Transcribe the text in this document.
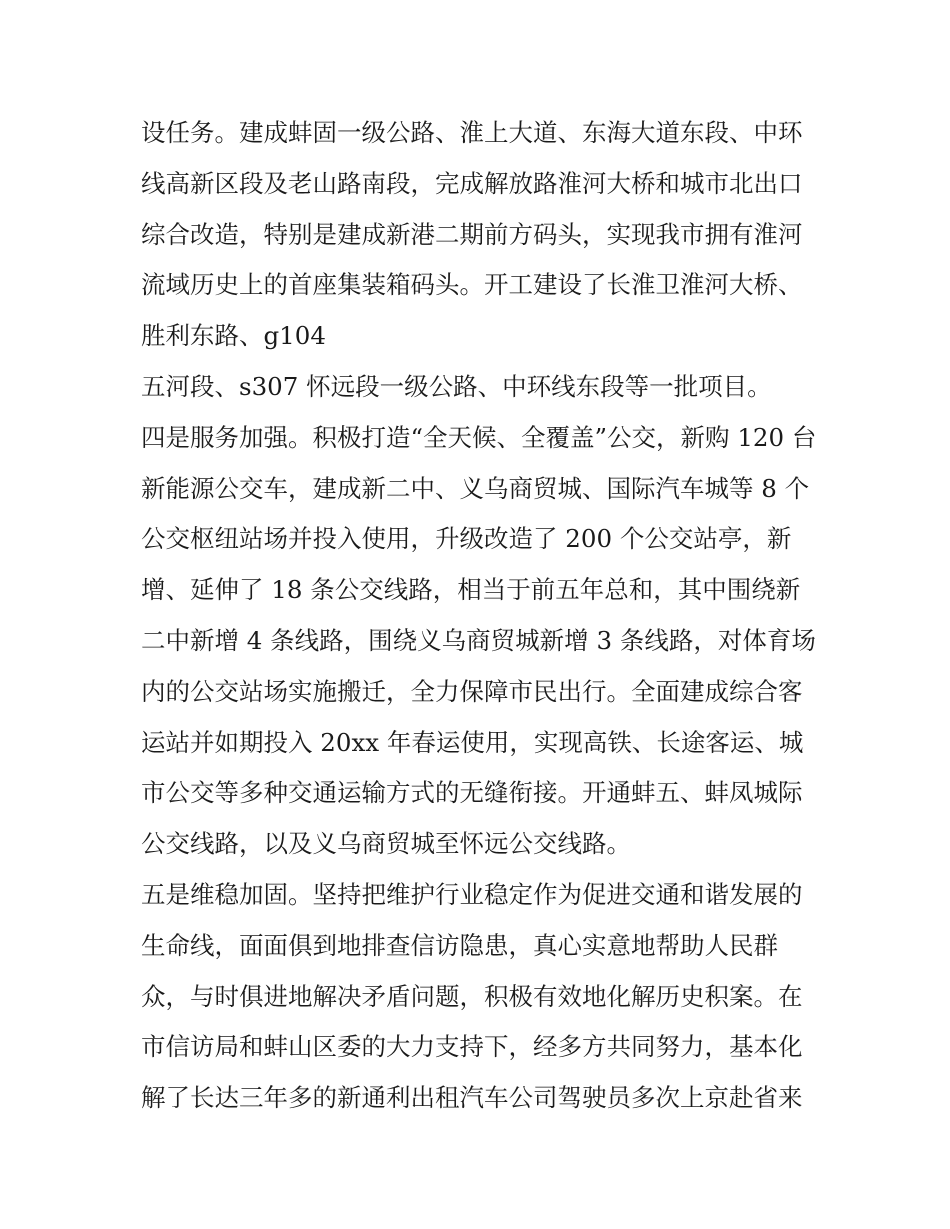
设任务。建成蚌固一级公路、淮上大道、东海大道东段、中环
线高新区段及老山路南段，完成解放路淮河大桥和城市北出口
综合改造，特别是建成新港二期前方码头，实现我市拥有淮河
流域历史上的首座集装箱码头。开工建设了长淮卫淮河大桥、
胜利东路、g104
五河段、s307 怀远段一级公路、中环线东段等一批项目。
四是服务加强。积极打造“全天候、全覆盖”公交，新购 120 台
新能源公交车，建成新二中、义乌商贸城、国际汽车城等 8 个
公交枢纽站场并投入使用，升级改造了 200 个公交站亭，新
增、延伸了 18 条公交线路，相当于前五年总和，其中围绕新
二中新增 4 条线路，围绕义乌商贸城新增 3 条线路，对体育场
内的公交站场实施搬迁，全力保障市民出行。全面建成综合客
运站并如期投入 20xx 年春运使用，实现高铁、长途客运、城
市公交等多种交通运输方式的无缝衔接。开通蚌五、蚌凤城际
公交线路，以及义乌商贸城至怀远公交线路。
五是维稳加固。坚持把维护行业稳定作为促进交通和谐发展的
生命线，面面俱到地排查信访隐患，真心实意地帮助人民群
众，与时俱进地解决矛盾问题，积极有效地化解历史积案。在
市信访局和蚌山区委的大力支持下，经多方共同努力，基本化
解了长达三年多的新通利出租汽车公司驾驶员多次上京赴省来
